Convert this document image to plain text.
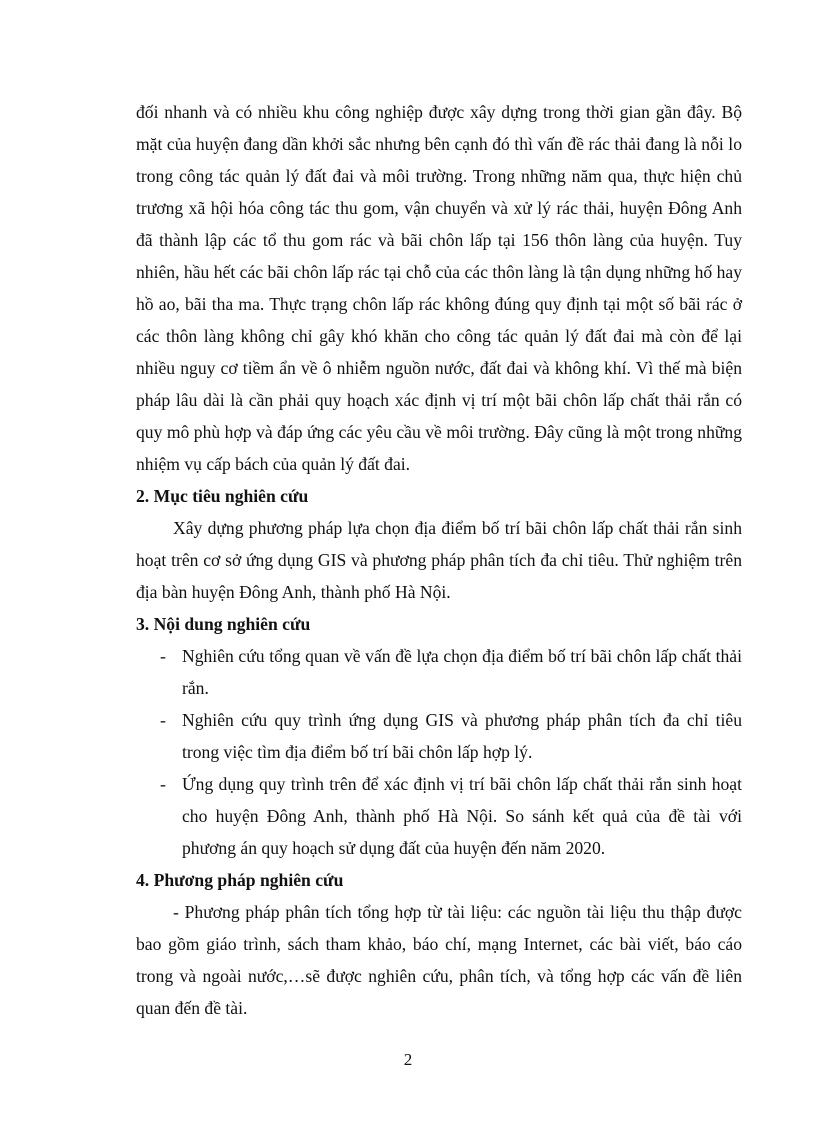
đối nhanh và có nhiều khu công nghiệp được xây dựng trong thời gian gần đây. Bộ mặt của huyện đang dần khởi sắc nhưng bên cạnh đó thì vấn đề rác thải đang là nỗi lo trong công tác quản lý đất đai và môi trường. Trong những năm qua, thực hiện chủ trương xã hội hóa công tác thu gom, vận chuyển và xử lý rác thải, huyện Đông Anh đã thành lập các tổ thu gom rác và bãi chôn lấp tại 156 thôn làng của huyện. Tuy nhiên, hầu hết các bãi chôn lấp rác tại chỗ của các thôn làng là tận dụng những hố hay hồ ao, bãi tha ma. Thực trạng chôn lấp rác không đúng quy định tại một số bãi rác ở các thôn làng không chỉ gây khó khăn cho công tác quản lý đất đai mà còn để lại nhiều nguy cơ tiềm ẩn về ô nhiễm nguồn nước, đất đai và không khí. Vì thế mà biện pháp lâu dài là cần phải quy hoạch xác định vị trí một bãi chôn lấp chất thải rắn có quy mô phù hợp và đáp ứng các yêu cầu về môi trường. Đây cũng là một trong những nhiệm vụ cấp bách của quản lý đất đai.

2. Mục tiêu nghiên cứu

Xây dựng phương pháp lựa chọn địa điểm bố trí bãi chôn lấp chất thải rắn sinh hoạt trên cơ sở ứng dụng GIS và phương pháp phân tích đa chỉ tiêu. Thử nghiệm trên địa bàn huyện Đông Anh, thành phố Hà Nội.

3. Nội dung nghiên cứu

- Nghiên cứu tổng quan về vấn đề lựa chọn địa điểm bố trí bãi chôn lấp chất thải rắn.
- Nghiên cứu quy trình ứng dụng GIS và phương pháp phân tích đa chỉ tiêu trong việc tìm địa điểm bố trí bãi chôn lấp hợp lý.
- Ứng dụng quy trình trên để xác định vị trí bãi chôn lấp chất thải rắn sinh hoạt cho huyện Đông Anh, thành phố Hà Nội. So sánh kết quả của đề tài với phương án quy hoạch sử dụng đất của huyện đến năm 2020.

4. Phương pháp nghiên cứu

- Phương pháp phân tích tổng hợp từ tài liệu: các nguồn tài liệu thu thập được bao gồm giáo trình, sách tham khảo, báo chí, mạng Internet, các bài viết, báo cáo trong và ngoài nước,…sẽ được nghiên cứu, phân tích, và tổng hợp các vấn đề liên quan đến đề tài.

2
